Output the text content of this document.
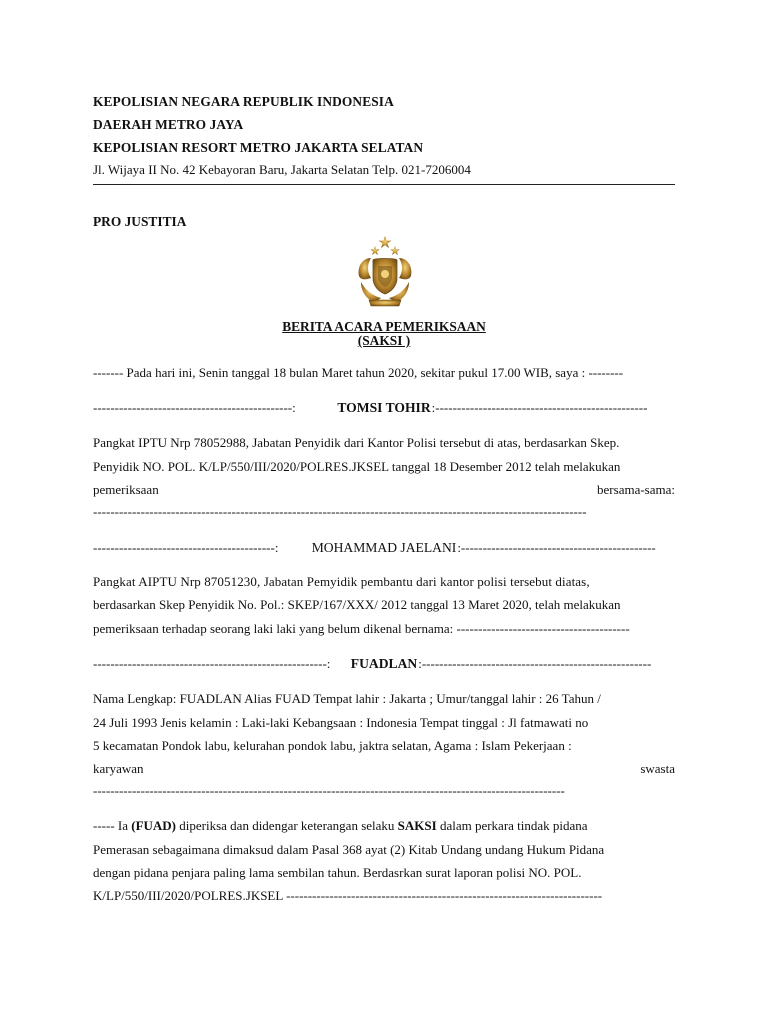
KEPOLISIAN NEGARA REPUBLIK INDONESIA
DAERAH METRO JAYA
KEPOLISIAN RESORT METRO JAKARTA SELATAN
Jl. Wijaya II No. 42 Kebayoran Baru, Jakarta Selatan Telp. 021-7206004
PRO JUSTITIA
BERITA ACARA PEMERIKSAAN
(SAKSI )
------- Pada hari ini, Senin tanggal 18 bulan Maret tahun 2020, sekitar pukul 17.00 WIB, saya : --------
----------------------------------------------:	TOMSI TOHIR :-------------------------------------------------
Pangkat IPTU Nrp 78052988, Jabatan Penyidik dari Kantor Polisi tersebut di atas, berdasarkan Skep.
Penyidik NO. POL. K/LP/550/III/2020/POLRES.JKSEL tanggal 18 Desember 2012 telah melakukan
pemeriksaan	bersama-sama:
------------------------------------------------------------------------------------------------------------------
------------------------------------------:	MOHAMMAD JAELANI :---------------------------------------------
Pangkat AIPTU Nrp 87051230, Jabatan Pemyidik pembantu dari kantor polisi tersebut diatas,
berdasarkan Skep Penyidik No. Pol.: SKEP/167/XXX/ 2012 tanggal 13 Maret 2020, telah melakukan
pemeriksaan terhadap seorang laki laki yang belum dikenal bernama: ----------------------------------------
------------------------------------------------------:	FUADLAN :-----------------------------------------------------
Nama Lengkap: FUADLAN Alias FUAD Tempat lahir : Jakarta ; Umur/tanggal lahir : 26 Tahun /
24 Juli 1993 Jenis kelamin : Laki-laki Kebangsaan : Indonesia Tempat tinggal : Jl fatmawati no
5 kecamatan Pondok labu, kelurahan pondok labu, jaktra selatan, Agama : Islam Pekerjaan :
karyawan	swasta
-------------------------------------------------------------------------------------------------------------
----- Ia (FUAD) diperiksa dan didengar keterangan selaku SAKSI dalam perkara tindak pidana
Pemerasan sebagaimana dimaksud dalam Pasal 368 ayat (2) Kitab Undang undang Hukum Pidana
dengan pidana penjara paling lama sembilan tahun. Berdasrkan surat laporan polisi NO. POL.
K/LP/550/III/2020/POLRES.JKSEL -------------------------------------------------------------------------
